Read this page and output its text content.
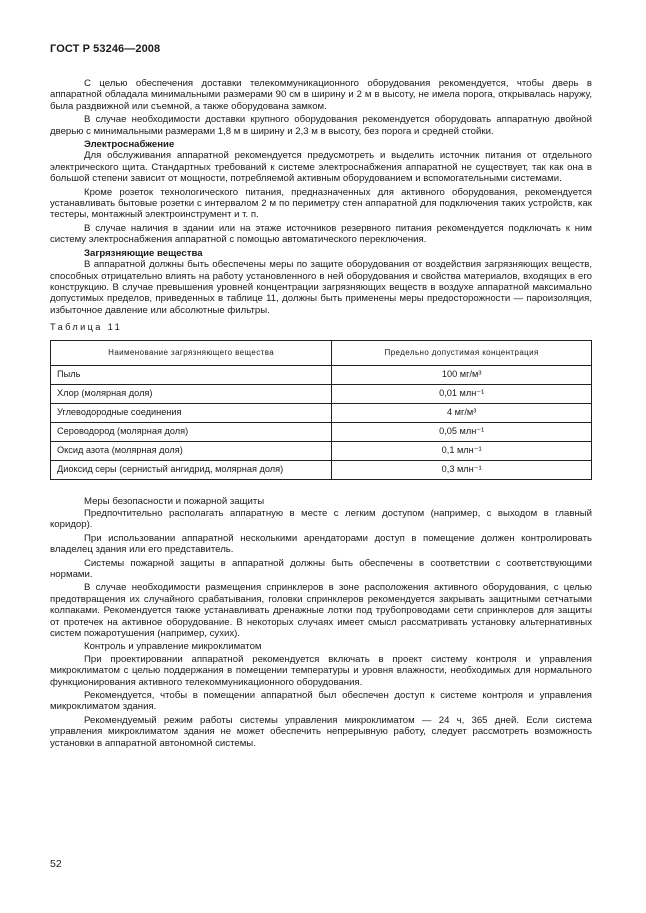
ГОСТ Р 53246—2008

С целью обеспечения доставки телекоммуникационного оборудования рекомендуется, чтобы дверь в аппаратной обладала минимальными размерами 90 см в ширину и 2 м в высоту, не имела порога, открывалась наружу, была раздвижной или съемной, а также оборудована замком.

В случае необходимости доставки крупного оборудования рекомендуется оборудовать аппаратную двойной дверью с минимальными размерами 1,8 м в ширину и 2,3 м в высоту, без порога и средней стойки.

Электроснабжение

Для обслуживания аппаратной рекомендуется предусмотреть и выделить источник питания от отдельного электрического щита. Стандартных требований к системе электроснабжения аппаратной не существует, так как она в большой степени зависит от мощности, потребляемой активным оборудованием и вспомогательными системами.

Кроме розеток технологического питания, предназначенных для активного оборудования, рекомендуется устанавливать бытовые розетки с интервалом 2 м по периметру стен аппаратной для подключения таких устройств, как тестеры, монтажный электроинструмент и т. п.

В случае наличия в здании или на этаже источников резервного питания рекомендуется подключать к ним систему электроснабжения аппаратной с помощью автоматического переключения.

Загрязняющие вещества

В аппаратной должны быть обеспечены меры по защите оборудования от воздействия загрязняющих веществ, способных отрицательно влиять на работу установленного в ней оборудования и свойства материалов, входящих в его конструкцию. В случае превышения уровней концентрации загрязняющих веществ в воздухе аппаратной максимально допустимых пределов, приведенных в таблице 11, должны быть применены меры предосторожности — пароизоляция, избыточное давление или абсолютные фильтры.

Таблица 11
Наименование загрязняющего вещества	Предельно допустимая концентрация
Пыль	100 мг/м³
Хлор (молярная доля)	0,01 млн⁻¹
Углеводородные соединения	4 мг/м³
Сероводород (молярная доля)	0,05 млн⁻¹
Оксид азота (молярная доля)	0,1 млн⁻¹
Диоксид серы (сернистый ангидрид, молярная доля)	0,3 млн⁻¹

Меры безопасности и пожарной защиты

Предпочтительно располагать аппаратную в месте с легким доступом (например, с выходом в главный коридор).

При использовании аппаратной несколькими арендаторами доступ в помещение должен контролировать владелец здания или его представитель.

Системы пожарной защиты в аппаратной должны быть обеспечены в соответствии с соответствующими нормами.

В случае необходимости размещения спринклеров в зоне расположения активного оборудования, с целью предотвращения их случайного срабатывания, головки спринклеров рекомендуется закрывать защитными сетчатыми колпаками. Рекомендуется также устанавливать дренажные лотки под трубопроводами сети спринклеров для защиты от протечек на активное оборудование. В некоторых случаях имеет смысл рассматривать установку альтернативных систем пожаротушения (например, сухих).

Контроль и управление микроклиматом

При проектировании аппаратной рекомендуется включать в проект систему контроля и управления микроклиматом с целью поддержания в помещении температуры и уровня влажности, необходимых для нормального функционирования активного телекоммуникационного оборудования.

Рекомендуется, чтобы в помещении аппаратной был обеспечен доступ к системе контроля и управления микроклиматом здания.

Рекомендуемый режим работы системы управления микроклиматом — 24 ч, 365 дней. Если система управления микроклиматом здания не может обеспечить непрерывную работу, следует рассмотреть возможность установки в аппаратной автономной системы.

52
